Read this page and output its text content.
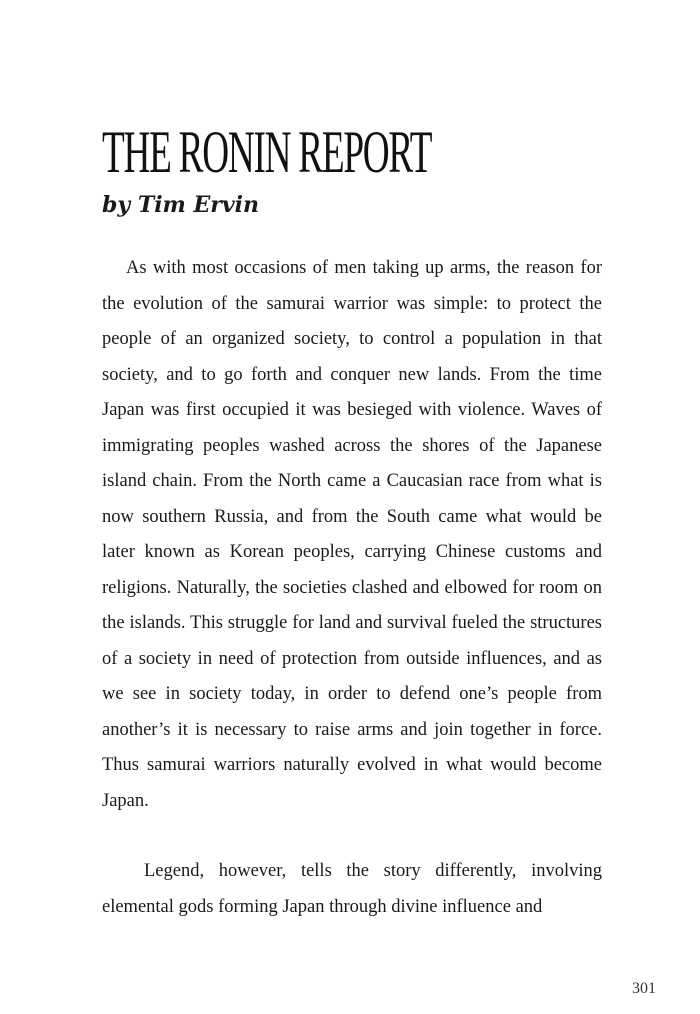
THE RONIN REPORT
by Tim Ervin

As with most occasions of men taking up arms, the reason for the evolution of the samurai warrior was simple: to protect the people of an organized society, to control a population in that society, and to go forth and conquer new lands. From the time Japan was first occupied it was besieged with violence. Waves of immigrating peoples washed across the shores of the Japanese island chain. From the North came a Caucasian race from what is now southern Russia, and from the South came what would be later known as Korean peoples, carrying Chinese customs and religions. Naturally, the societies clashed and elbowed for room on the islands. This struggle for land and survival fueled the structures of a society in need of protection from outside influences, and as we see in society today, in order to defend one’s people from another’s it is necessary to raise arms and join together in force. Thus samurai warriors naturally evolved in what would become Japan.

Legend, however, tells the story differently, involving elemental gods forming Japan through divine influence and

301
